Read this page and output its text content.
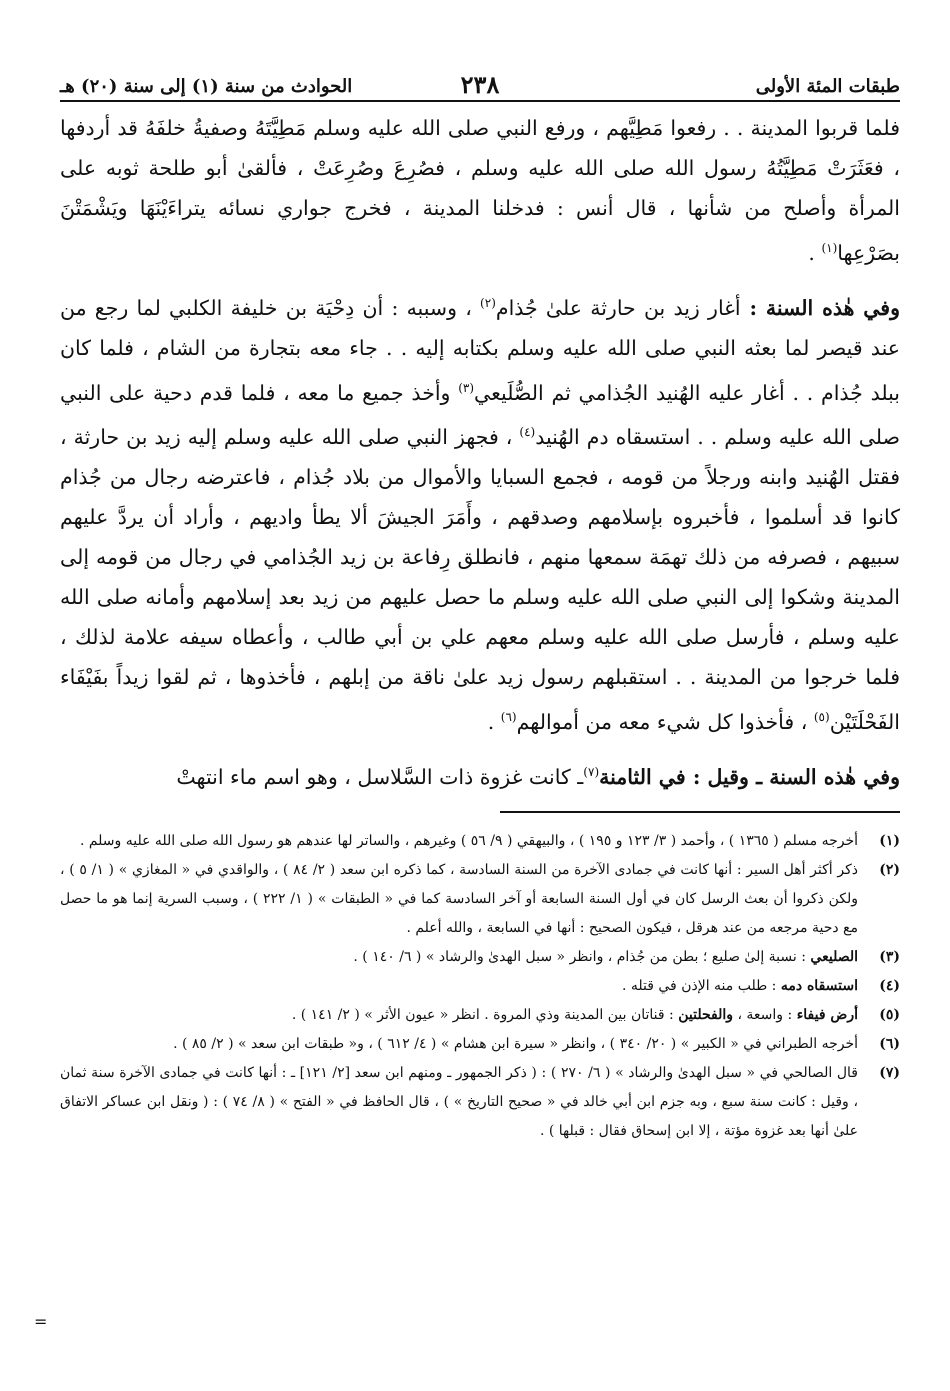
طبقات المئة الأولى
٢٣٨
الحوادث من سنة (١) إلى سنة (٢٠) هـ

فلما قربوا المدينة . . رفعوا مَطِيَّهم ، ورفع النبي صلى الله عليه وسلم مَطِيَّتَهُ وصفيةُ خلفَهُ قد أردفها ، فعَثَرَتْ مَطِيَّتُهُ رسول الله صلى الله عليه وسلم ، فصُرِعَ وصُرِعَتْ ، فألقىٰ أبو طلحة ثوبه على المرأة وأصلح من شأنها ، قال أنس : فدخلنا المدينة ، فخرج جواري نسائه يتراءَيْنَهَا ويَشْمَتْنَ بصَرْعِها$^{(١)}$ .

وفي هٰذه السنة : أغار زيد بن حارثة علىٰ جُذام$^{(٢)}$ ، وسببه : أن دِحْيَة بن خليفة الكلبي لما رجع من عند قيصر لما بعثه النبي صلى الله عليه وسلم بكتابه إليه . . جاء معه بتجارة من الشام ، فلما كان ببلد جُذام . . أغار عليه الهُنيد الجُذامي ثم الصُّلَيعي$^{(٣)}$ وأخذ جميع ما معه ، فلما قدم دحية على النبي صلى الله عليه وسلم . . استسقاه دم الهُنيد$^{(٤)}$ ، فجهز النبي صلى الله عليه وسلم إليه زيد بن حارثة ، فقتل الهُنيد وابنه ورجلاً من قومه ، فجمع السبايا والأموال من بلاد جُذام ، فاعترضه رجال من جُذام كانوا قد أسلموا ، فأخبروه بإسلامهم وصدقهم ، وأَمَرَ الجيشَ ألا يطأ واديهم ، وأراد أن يردَّ عليهم سبيهم ، فصرفه من ذلك تهمَة سمعها منهم ، فانطلق رِفاعة بن زيد الجُذامي في رجال من قومه إلى المدينة وشكوا إلى النبي صلى الله عليه وسلم ما حصل عليهم من زيد بعد إسلامهم وأمانه صلى الله عليه وسلم ، فأرسل صلى الله عليه وسلم معهم علي بن أبي طالب ، وأعطاه سيفه علامة لذلك ، فلما خرجوا من المدينة . . استقبلهم رسول زيد علىٰ ناقة من إبلهم ، فأخذوها ، ثم لقوا زيداً بفَيْفَاء الفَحْلَتَيْن$^{(٥)}$ ، فأخذوا كل شيء معه من أموالهم$^{(٦)}$ .

وفي هٰذه السنة ـ وقيل : في الثامنة$^{(٧)}$ـ كانت غزوة ذات السَّلاسل ، وهو اسم ماء انتهتْ

(١)
أخرجه مسلم ( ١٣٦٥ ) ، وأحمد ( ٣/ ١٢٣ و ١٩٥ ) ، والبيهقي ( ٩/ ٥٦ ) وغيرهم ، والساتر لها عندهم هو رسول الله صلى الله عليه وسلم .
(٢)
ذكر أكثر أهل السير : أنها كانت في جمادى الآخرة من السنة السادسة ، كما ذكره ابن سعد ( ٢/ ٨٤ ) ، والواقدي في « المغازي » ( ١/ ٥ ) ، ولكن ذكروا أن بعث الرسل كان في أول السنة السابعة أو آخر السادسة كما في « الطبقات » ( ١/ ٢٢٢ ) ، وسبب السرية إنما هو ما حصل مع دحية مرجعه من عند هرقل ، فيكون الصحيح : أنها في السابعة ، والله أعلم .
(٣)
الصليعي : نسبة إلىٰ صليع ؛ بطن من جُذام ، وانظر « سبل الهدىٰ والرشاد » ( ٦/ ١٤٠ ) .
(٤)
استسقاه دمه : طلب منه الإذن في قتله .
(٥)
أرض فيفاء : واسعة ، والفحلتين : قناتان بين المدينة وذي المروة . انظر « عيون الأثر » ( ٢/ ١٤١ ) .
(٦)
أخرجه الطبراني في « الكبير » ( ٢٠/ ٣٤٠ ) ، وانظر « سيرة ابن هشام » ( ٤/ ٦١٢ ) ، و« طبقات ابن سعد » ( ٢/ ٨٥ ) .
(٧)
قال الصالحي في « سبل الهدىٰ والرشاد » ( ٦/ ٢٧٠ ) : ( ذكر الجمهور ـ ومنهم ابن سعد [٢/ ١٢١] ـ : أنها كانت في جمادى الآخرة سنة ثمان ، وقيل : كانت سنة سبع ، وبه جزم ابن أبي خالد في « صحيح التاريخ » ) ، قال الحافظ في « الفتح » ( ٨/ ٧٤ ) : ( ونقل ابن عساكر الاتفاق علىٰ أنها بعد غزوة مؤتة ، إلا ابن إسحاق فقال : قبلها ) .
=
